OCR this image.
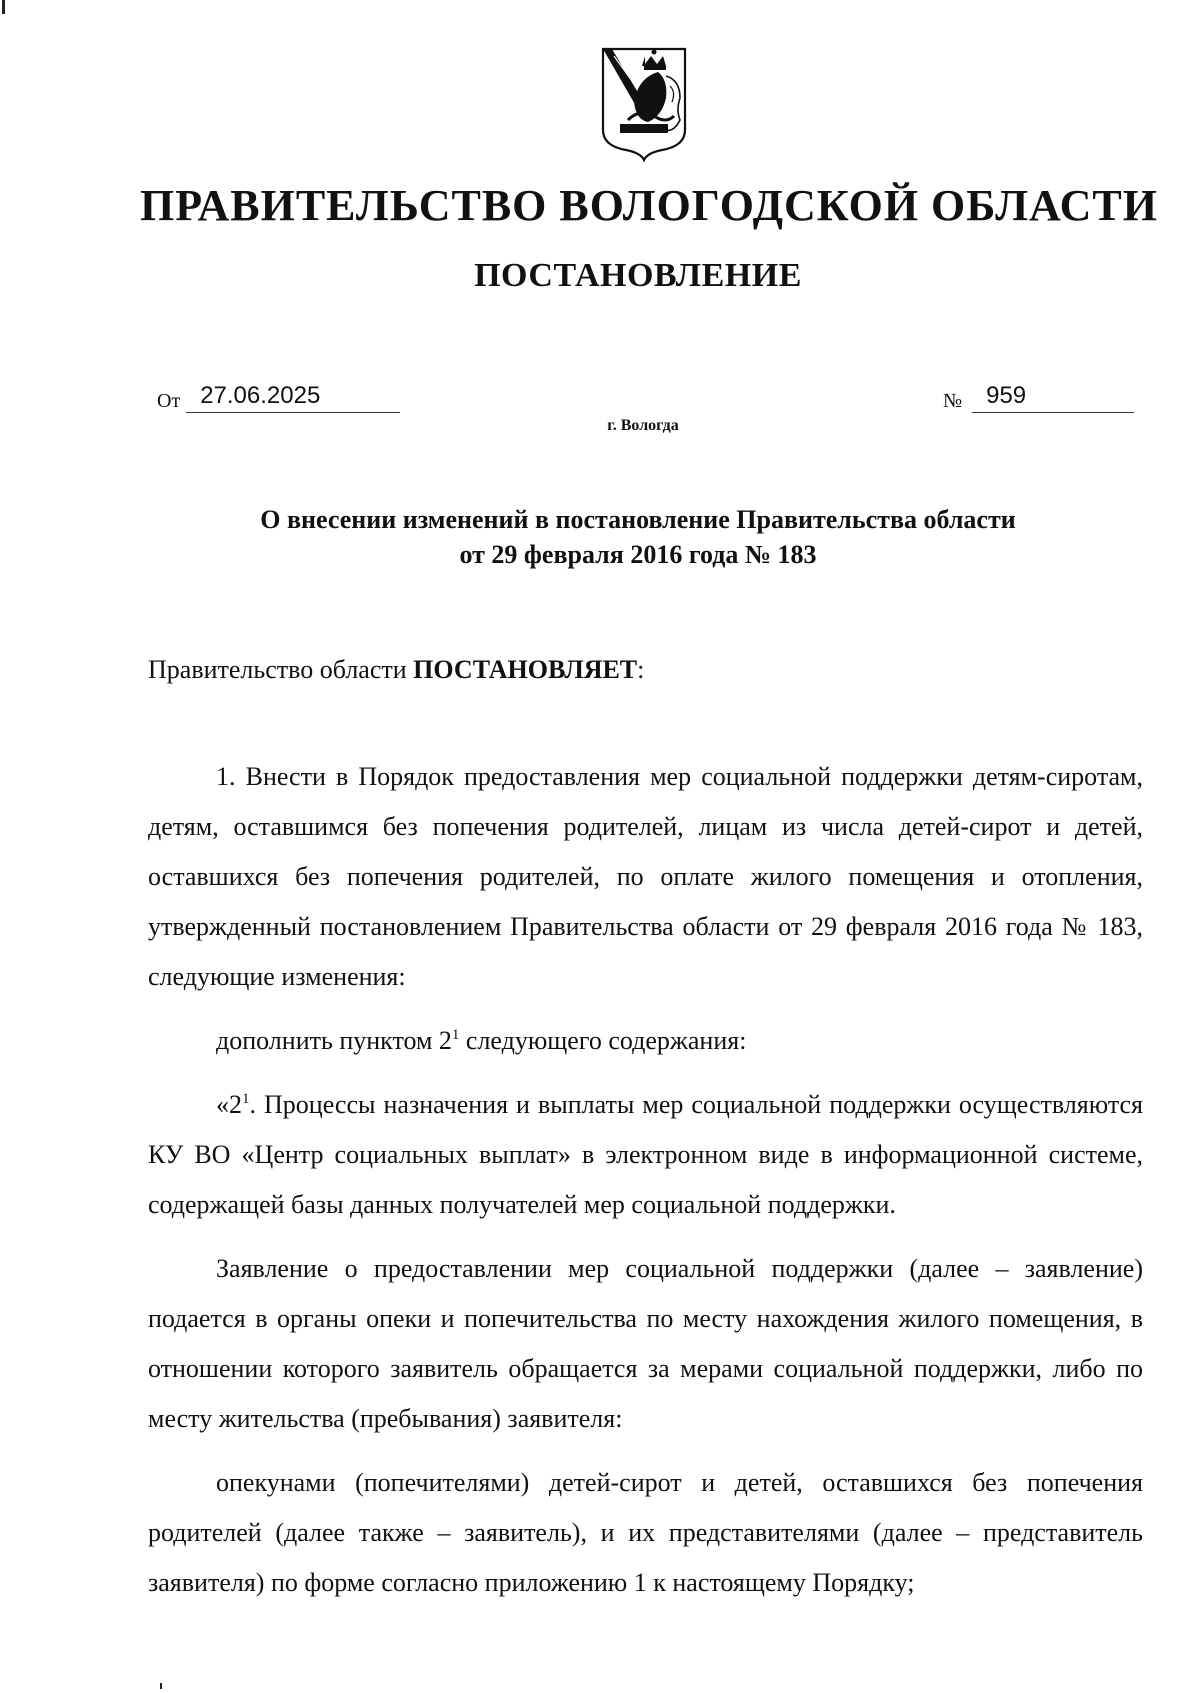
ПРАВИТЕЛЬСТВО ВОЛОГОДСКОЙ ОБЛАСТИ
ПОСТАНОВЛЕНИЕ
От 27.06.2025	№ 959
г. Вологда
О внесении изменений в постановление Правительства области
от 29 февраля 2016 года № 183
Правительство области ПОСТАНОВЛЯЕТ:

1. Внести в Порядок предоставления мер социальной поддержки детям-сиротам, детям, оставшимся без попечения родителей, лицам из числа детей-сирот и детей, оставшихся без попечения родителей, по оплате жилого помещения и отопления, утвержденный постановлением Правительства области от 29 февраля 2016 года № 183, следующие изменения:

дополнить пунктом $2^1$ следующего содержания:

«$2^1$. Процессы назначения и выплаты мер социальной поддержки осуществляются КУ ВО «Центр социальных выплат» в электронном виде в информационной системе, содержащей базы данных получателей мер социальной поддержки.

Заявление о предоставлении мер социальной поддержки (далее – заявление) подается в органы опеки и попечительства по месту нахождения жилого помещения, в отношении которого заявитель обращается за мерами социальной поддержки, либо по месту жительства (пребывания) заявителя:

опекунами (попечителями) детей-сирот и детей, оставшихся без попечения родителей (далее также – заявитель), и их представителями (далее – представитель заявителя) по форме согласно приложению 1 к настоящему Порядку;
